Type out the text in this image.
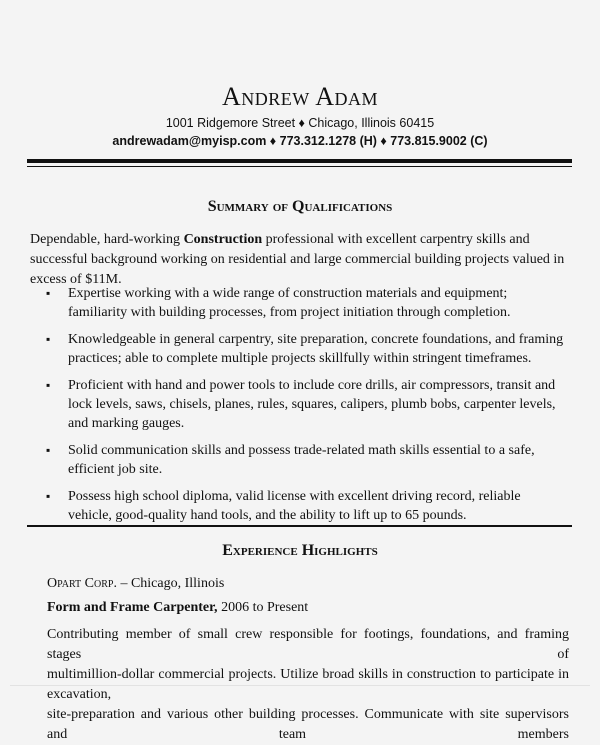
Andrew Adam
1001 Ridgemore Street ♦ Chicago, Illinois 60415
andrewadam@myisp.com ♦ 773.312.1278 (H) ♦ 773.815.9002 (C)
Summary of Qualifications

Dependable, hard-working Construction professional with excellent carpentry skills and successful background working on residential and large commercial building projects valued in excess of $11M.

▪ Expertise working with a wide range of construction materials and equipment; familiarity with building processes, from project initiation through completion.
▪ Knowledgeable in general carpentry, site preparation, concrete foundations, and framing practices; able to complete multiple projects skillfully within stringent timeframes.
▪ Proficient with hand and power tools to include core drills, air compressors, transit and lock levels, saws, chisels, planes, rules, squares, calipers, plumb bobs, carpenter levels, and marking gauges.
▪ Solid communication skills and possess trade-related math skills essential to a safe, efficient job site.
▪ Possess high school diploma, valid license with excellent driving record, reliable vehicle, good-quality hand tools, and the ability to lift up to 65 pounds.
Experience Highlights

Opart Corp. – Chicago, Illinois

Form and Frame Carpenter, 2006 to Present

Contributing member of small crew responsible for footings, foundations, and framing stages of
multimillion-dollar commercial projects. Utilize broad skills in construction to participate in excavation,
site-preparation and various other building processes. Communicate with site supervisors and team members
